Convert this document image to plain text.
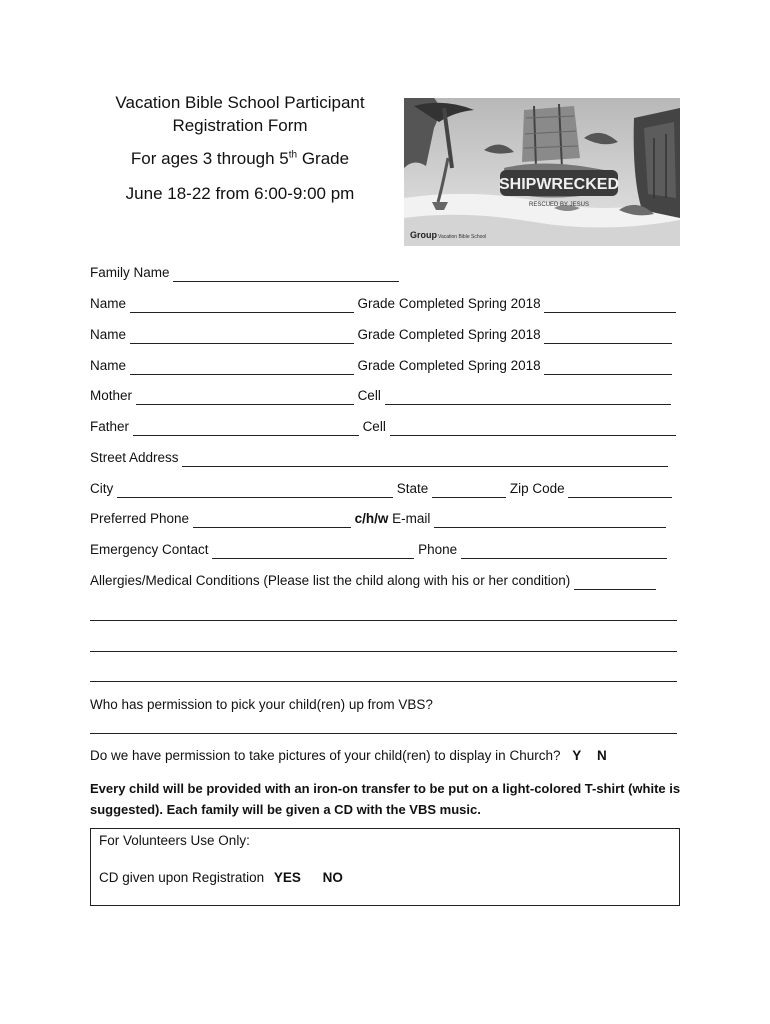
Vacation Bible School Participant
Registration Form
For ages 3 through 5th Grade
June 18-22 from 6:00-9:00 pm	SHIPWRECKED
RESCUED BY JESUS
Group Vacation Bible School
Family Name
Name	Grade Completed Spring 2018
Name	Grade Completed Spring 2018
Name	Grade Completed Spring 2018
Mother	Cell
Father	Cell
Street Address
City	State	Zip Code
Preferred Phone	c/h/w E-mail
Emergency Contact	Phone
Allergies/Medical Conditions (Please list the child along with his or her condition)
Who has permission to pick your child(ren) up from VBS?
Do we have permission to take pictures of your child(ren) to display in Church? Y N
Every child will be provided with an iron-on transfer to be put on a light-colored T-shirt (white is suggested). Each family will be given a CD with the VBS music.
For Volunteers Use Only:
CD given upon Registration YES NO
